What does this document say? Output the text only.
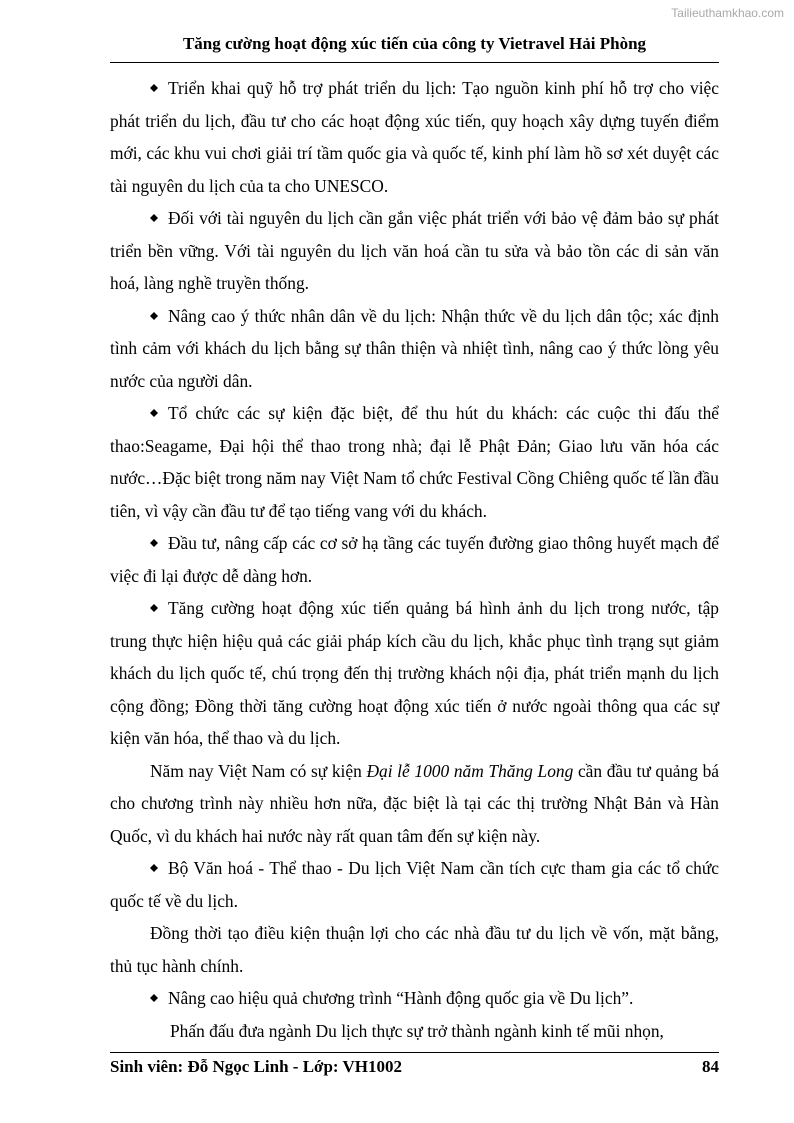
Tailieuthamkhao.com
Tăng cường hoạt động xúc tiến của công ty Vietravel Hải Phòng

Triển khai quỹ hỗ trợ phát triển du lịch: Tạo nguồn kinh phí hỗ trợ cho việc phát triển du lịch, đầu tư cho các hoạt động xúc tiến, quy hoạch xây dựng tuyến điểm mới, các khu vui chơi giải trí tầm quốc gia và quốc tế, kinh phí làm hồ sơ xét duyệt các tài nguyên du lịch của ta cho UNESCO.

Đối với tài nguyên du lịch cần gắn việc phát triển với bảo vệ đảm bảo sự phát triển bền vững. Với tài nguyên du lịch văn hoá cần tu sửa và bảo tồn các di sản văn hoá, làng nghề truyền thống.

Nâng cao ý thức nhân dân về du lịch: Nhận thức về du lịch dân tộc; xác định tình cảm với khách du lịch bằng sự thân thiện và nhiệt tình, nâng cao ý thức lòng yêu nước của người dân.

Tổ chức các sự kiện đặc biệt, để thu hút du khách: các cuộc thi đấu thể thao:Seagame, Đại hội thể thao trong nhà; đại lễ Phật Đản; Giao lưu văn hóa các nước…Đặc biệt trong năm nay Việt Nam tổ chức Festival Cồng Chiêng quốc tế lần đầu tiên, vì vậy cần đầu tư để tạo tiếng vang với du khách.

Đầu tư, nâng cấp các cơ sở hạ tầng các tuyến đường giao thông huyết mạch để việc đi lại được dễ dàng hơn.

Tăng cường hoạt động xúc tiến quảng bá hình ảnh du lịch trong nước, tập trung thực hiện hiệu quả các giải pháp kích cầu du lịch, khắc phục tình trạng sụt giảm khách du lịch quốc tế, chú trọng đến thị trường khách nội địa, phát triển mạnh du lịch cộng đồng; Đồng thời tăng cường hoạt động xúc tiến ở nước ngoài thông qua các sự kiện văn hóa, thể thao và du lịch.

Năm nay Việt Nam có sự kiện Đại lễ 1000 năm Thăng Long cần đầu tư quảng bá cho chương trình này nhiều hơn nữa, đặc biệt là tại các thị trường Nhật Bản và Hàn Quốc, vì du khách hai nước này rất quan tâm đến sự kiện này.

Bộ Văn hoá - Thể thao - Du lịch Việt Nam cần tích cực tham gia các tổ chức quốc tế về du lịch.

Đồng thời tạo điều kiện thuận lợi cho các nhà đầu tư du lịch về vốn, mặt bằng, thủ tục hành chính.

Nâng cao hiệu quả chương trình “Hành động quốc gia về Du lịch”.

Phấn đấu đưa ngành Du lịch thực sự trở thành ngành kinh tế mũi nhọn,

Sinh viên: Đỗ Ngọc Linh - Lớp: VH1002	84
